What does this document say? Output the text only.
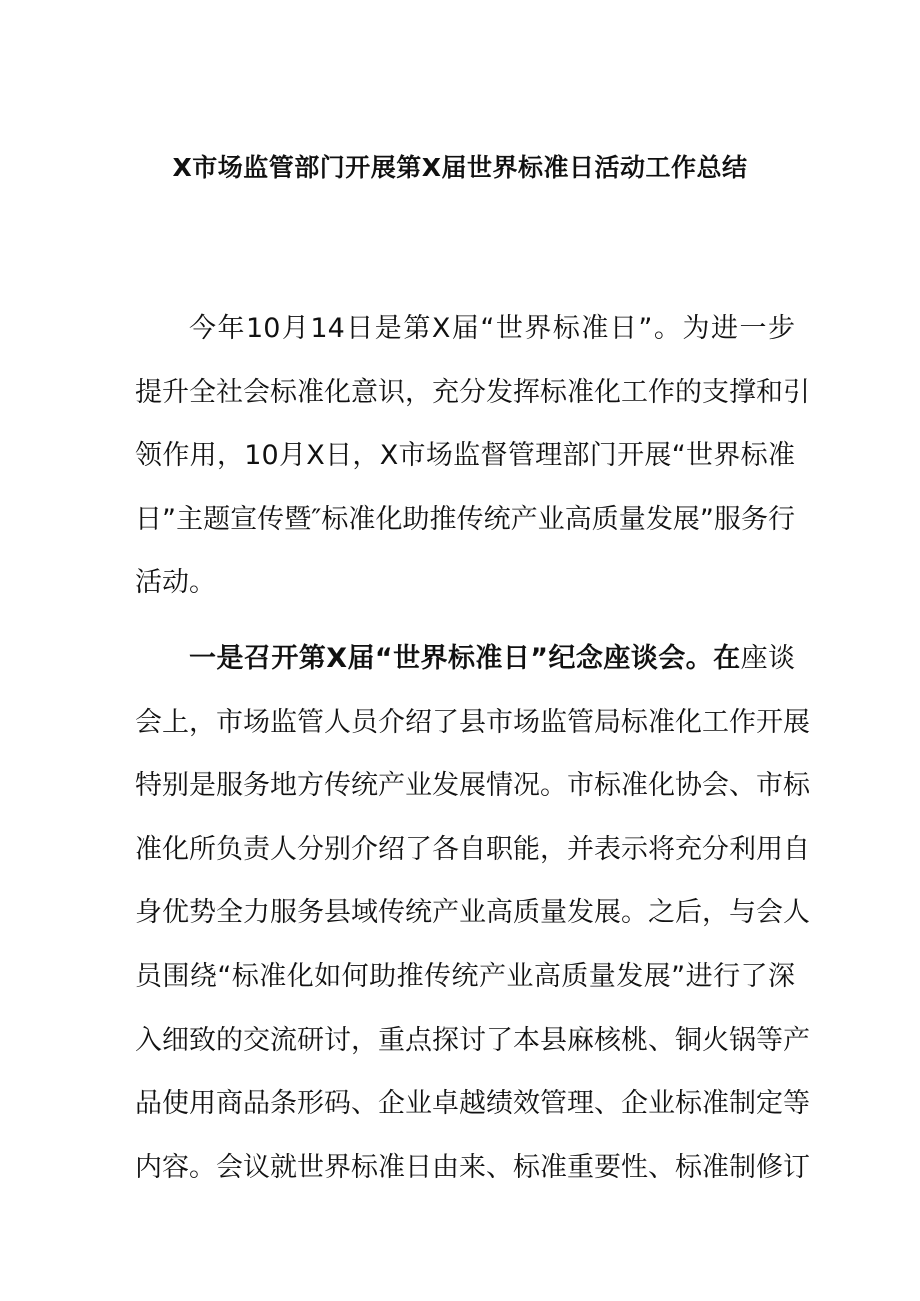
X市场监管部门开展第X届世界标准日活动工作总结
今年10月14日是第X届“世界标准日”。为进一步
提升全社会标准化意识，充分发挥标准化工作的支撑和引
领作用，10月X日，X市场监督管理部门开展“世界标准
日”主题宣传暨″标准化助推传统产业高质量发展”服务行
活动。
一是召开第X届“世界标准日”纪念座谈会。在座谈
会上，市场监管人员介绍了县市场监管局标准化工作开展
特别是服务地方传统产业发展情况。市标准化协会、市标
准化所负责人分别介绍了各自职能，并表示将充分利用自
身优势全力服务县域传统产业高质量发展。之后，与会人
员围绕“标准化如何助推传统产业高质量发展”进行了深
入细致的交流研讨，重点探讨了本县麻核桃、铜火锅等产
品使用商品条形码、企业卓越绩效管理、企业标准制定等
内容。会议就世界标准日由来、标准重要性、标准制修订
